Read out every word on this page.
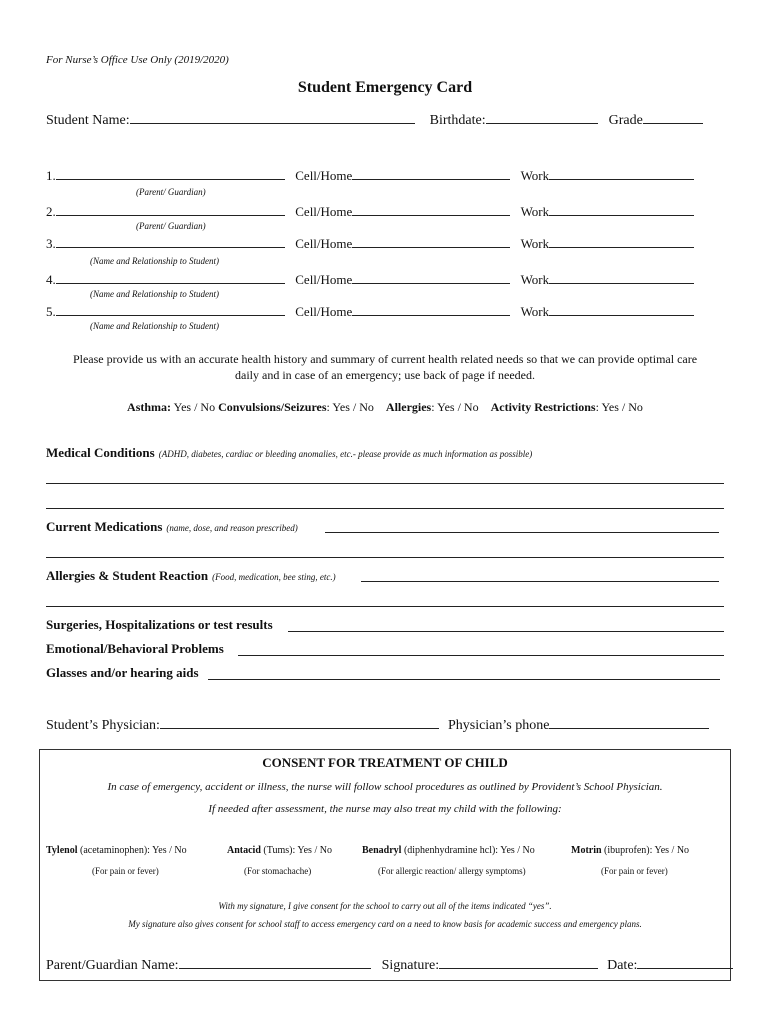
For Nurse’s Office Use Only (2019/2020)
Student Emergency Card
Student Name:	Birthdate:	Grade
1.	Cell/Home	Work
(Parent/ Guardian)
2.	Cell/Home	Work
(Parent/ Guardian)
3.	Cell/Home	Work
(Name and Relationship to Student)
4.	Cell/Home	Work
(Name and Relationship to Student)
5.	Cell/Home	Work
(Name and Relationship to Student)
Please provide us with an accurate health history and summary of current health related needs so that we can provide optimal care
daily and in case of an emergency; use back of page if needed.
Asthma: Yes / No Convulsions/Seizures: Yes / No Allergies: Yes / No Activity Restrictions: Yes / No
Medical Conditions (ADHD, diabetes, cardiac or bleeding anomalies, etc.- please provide as much information as possible)
Current Medications (name, dose, and reason prescribed)
Allergies & Student Reaction (Food, medication, bee sting, etc.)
Surgeries, Hospitalizations or test results
Emotional/Behavioral Problems
Glasses and/or hearing aids
Student’s Physician:	Physician’s phone
CONSENT FOR TREATMENT OF CHILD
In case of emergency, accident or illness, the nurse will follow school procedures as outlined by Provident’s School Physician.
If needed after assessment, the nurse may also treat my child with the following:
Tylenol (acetaminophen): Yes / No
(For pain or fever)
Antacid (Tums): Yes / No
(For stomachache)
Benadryl (diphenhydramine hcl): Yes / No
(For allergic reaction/ allergy symptoms)
Motrin (ibuprofen): Yes / No
(For pain or fever)
With my signature, I give consent for the school to carry out all of the items indicated “yes”.
My signature also gives consent for school staff to access emergency card on a need to know basis for academic success and emergency plans.
Parent/Guardian Name:	Signature:	Date:
